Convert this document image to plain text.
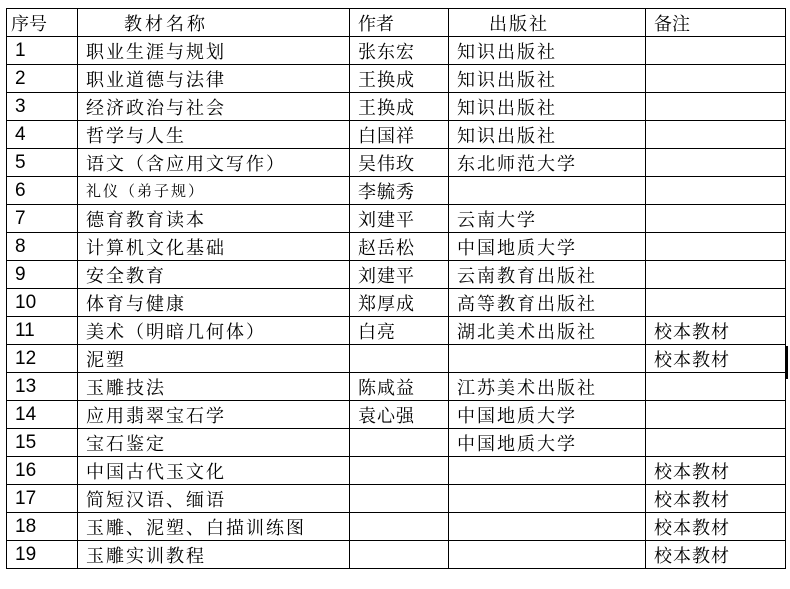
序号	教材名称	作者	出版社	备注
1	职业生涯与规划	张东宏	知识出版社	
2	职业道德与法律	王换成	知识出版社	
3	经济政治与社会	王换成	知识出版社	
4	哲学与人生	白国祥	知识出版社	
5	语文（含应用文写作）	吴伟玫	东北师范大学	
6	礼仪（弟子规）	李毓秀		
7	德育教育读本	刘建平	云南大学	
8	计算机文化基础	赵岳松	中国地质大学	
9	安全教育	刘建平	云南教育出版社	
10	体育与健康	郑厚成	高等教育出版社	
11	美术（明暗几何体）	白亮	湖北美术出版社	校本教材
12	泥塑			校本教材
13	玉雕技法	陈咸益	江苏美术出版社	
14	应用翡翠宝石学	袁心强	中国地质大学	
15	宝石鉴定		中国地质大学	
16	中国古代玉文化			校本教材
17	简短汉语、缅语			校本教材
18	玉雕、泥塑、白描训练图			校本教材
19	玉雕实训教程			校本教材
